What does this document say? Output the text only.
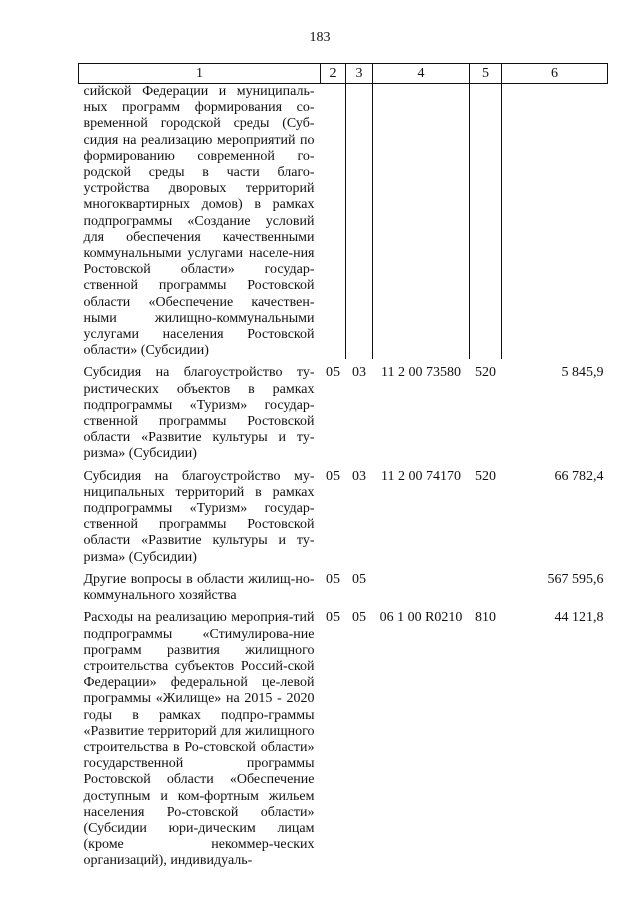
183
1	2	3	4	5	6
сийской Федерации и муниципаль-ных программ формирования со-временной городской среды (Суб-сидия на реализацию мероприятий по формированию современной го-родской среды в части благо-устройства дворовых территорий многоквартирных домов) в рамках подпрограммы «Создание условий для обеспечения качественными коммунальными услугами населе-ния Ростовской области» государ-ственной программы Ростовской области «Обеспечение качествен-ными жилищно-коммунальными услугами населения Ростовской области» (Субсидии)					
Субсидия на благоустройство ту-ристических объектов в рамках подпрограммы «Туризм» государ-ственной программы Ростовской области «Развитие культуры и ту-ризма» (Субсидии)	05	03	11 2 00 73580	520	5 845,9
Субсидия на благоустройство му-ниципальных территорий в рамках подпрограммы «Туризм» государ-ственной программы Ростовской области «Развитие культуры и ту-ризма» (Субсидии)	05	03	11 2 00 74170	520	66 782,4
Другие вопросы в области жилищ-но-коммунального хозяйства	05	05			567 595,6
Расходы на реализацию мероприя-тий подпрограммы «Стимулирова-ние программ развития жилищного строительства субъектов Россий-ской Федерации» федеральной це-левой программы «Жилище» на 2015 - 2020 годы в рамках подпро-граммы «Развитие территорий для жилищного строительства в Ро-стовской области» государственной программы Ростовской области «Обеспечение доступным и ком-фортным жильем населения Ро-стовской области» (Субсидии юри-дическим лицам (кроме некоммер-ческих организаций), индивидуаль-	05	05	06 1 00 R0210	810	44 121,8
